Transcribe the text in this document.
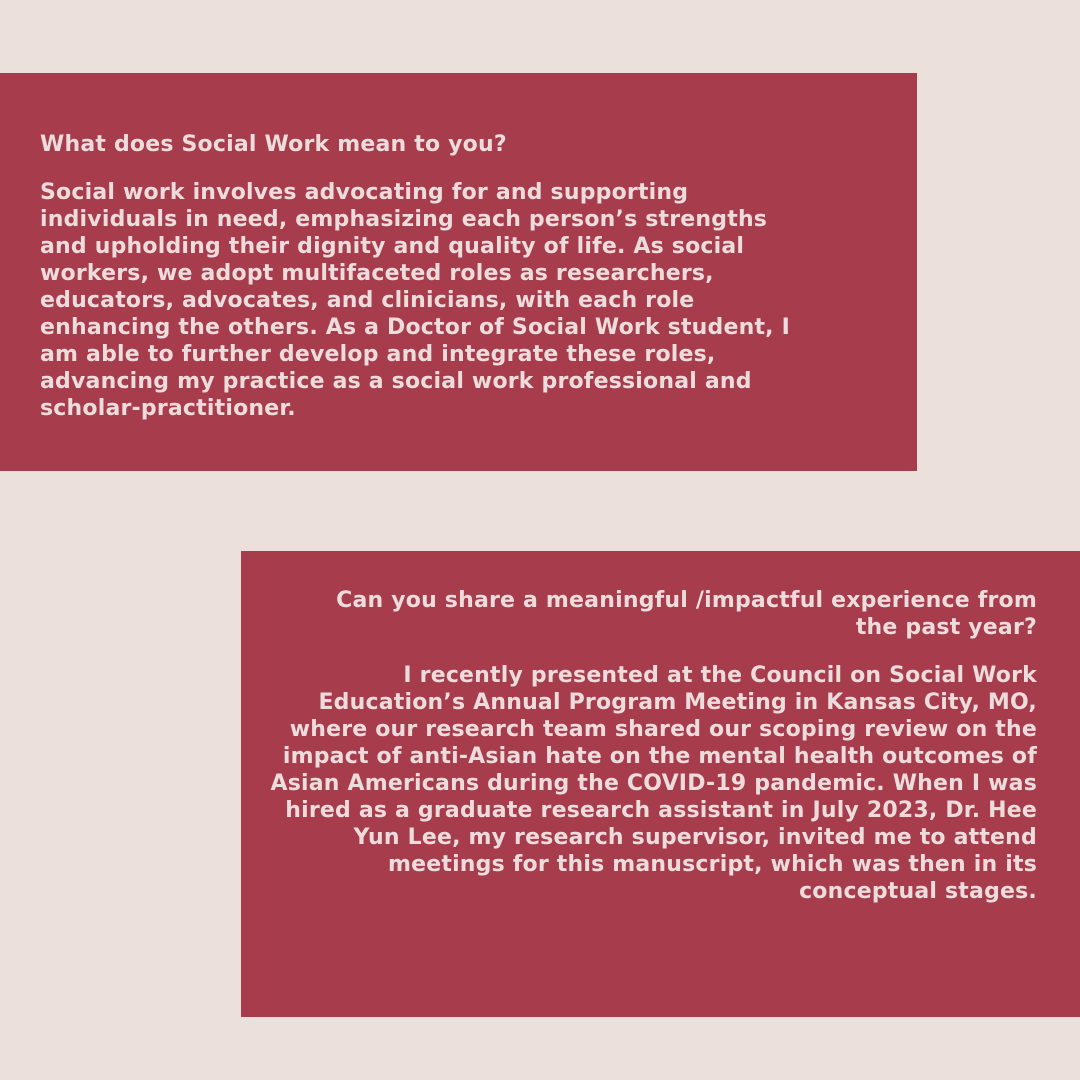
What does Social Work mean to you?

Social work involves advocating for and supporting individuals in need, emphasizing each person’s strengths and upholding their dignity and quality of life. As social workers, we adopt multifaceted roles as researchers, educators, advocates, and clinicians, with each role enhancing the others. As a Doctor of Social Work student, I am able to further develop and integrate these roles, advancing my practice as a social work professional and scholar-practitioner.

Can you share a meaningful /impactful experience from the past year?

I recently presented at the Council on Social Work Education’s Annual Program Meeting in Kansas City, MO, where our research team shared our scoping review on the impact of anti-Asian hate on the mental health outcomes of Asian Americans during the COVID-19 pandemic. When I was hired as a graduate research assistant in July 2023, Dr. Hee Yun Lee, my research supervisor, invited me to attend meetings for this manuscript, which was then in its conceptual stages.
